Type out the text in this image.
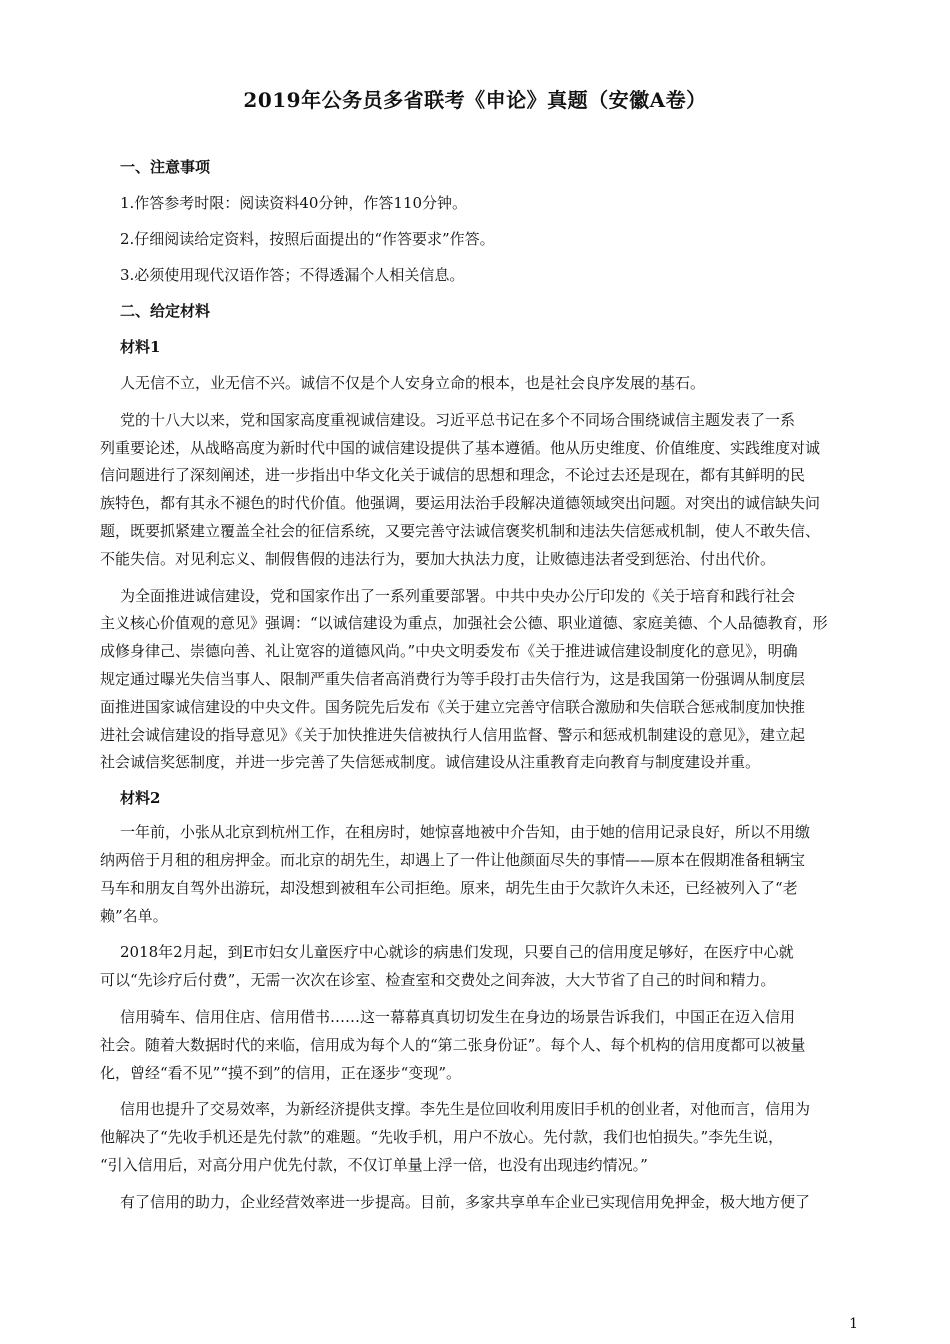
2019年公务员多省联考《申论》真题（安徽A卷）
一、注意事项
1.作答参考时限：阅读资料40分钟，作答110分钟。
2.仔细阅读给定资料，按照后面提出的“作答要求”作答。
3.必须使用现代汉语作答；不得透漏个人相关信息。
二、给定材料
材料1
人无信不立，业无信不兴。诚信不仅是个人安身立命的根本，也是社会良序发展的基石。
党的十八大以来，党和国家高度重视诚信建设。习近平总书记在多个不同场合围绕诚信主题发表了一系
列重要论述，从战略高度为新时代中国的诚信建设提供了基本遵循。他从历史维度、价值维度、实践维度对诚
信问题进行了深刻阐述，进一步指出中华文化关于诚信的思想和理念，不论过去还是现在，都有其鲜明的民
族特色，都有其永不褪色的时代价值。他强调，要运用法治手段解决道德领域突出问题。对突出的诚信缺失问
题，既要抓紧建立覆盖全社会的征信系统，又要完善守法诚信褒奖机制和违法失信惩戒机制，使人不敢失信、
不能失信。对见利忘义、制假售假的违法行为，要加大执法力度，让败德违法者受到惩治、付出代价。
为全面推进诚信建设，党和国家作出了一系列重要部署。中共中央办公厅印发的《关于培育和践行社会
主义核心价值观的意见》强调：“以诚信建设为重点，加强社会公德、职业道德、家庭美德、个人品德教育，形
成修身律己、崇德向善、礼让宽容的道德风尚。”中央文明委发布《关于推进诚信建设制度化的意见》，明确
规定通过曝光失信当事人、限制严重失信者高消费行为等手段打击失信行为，这是我国第一份强调从制度层
面推进国家诚信建设的中央文件。国务院先后发布《关于建立完善守信联合激励和失信联合惩戒制度加快推
进社会诚信建设的指导意见》《关于加快推进失信被执行人信用监督、警示和惩戒机制建设的意见》，建立起
社会诚信奖惩制度，并进一步完善了失信惩戒制度。诚信建设从注重教育走向教育与制度建设并重。
材料2
一年前，小张从北京到杭州工作，在租房时，她惊喜地被中介告知，由于她的信用记录良好，所以不用缴
纳两倍于月租的租房押金。而北京的胡先生，却遇上了一件让他颜面尽失的事情——原本在假期准备租辆宝
马车和朋友自驾外出游玩，却没想到被租车公司拒绝。原来，胡先生由于欠款许久未还，已经被列入了“老
赖”名单。
2018年2月起，到E市妇女儿童医疗中心就诊的病患们发现，只要自己的信用度足够好，在医疗中心就
可以“先诊疗后付费”，无需一次次在诊室、检查室和交费处之间奔波，大大节省了自己的时间和精力。
信用骑车、信用住店、信用借书……这一幕幕真真切切发生在身边的场景告诉我们，中国正在迈入信用
社会。随着大数据时代的来临，信用成为每个人的“第二张身份证”。每个人、每个机构的信用度都可以被量
化，曾经“看不见”“摸不到”的信用，正在逐步“变现”。
信用也提升了交易效率，为新经济提供支撑。李先生是位回收利用废旧手机的创业者，对他而言，信用为
他解决了“先收手机还是先付款”的难题。“先收手机，用户不放心。先付款，我们也怕损失。”李先生说，
“引入信用后，对高分用户优先付款，不仅订单量上浮一倍，也没有出现违约情况。”
有了信用的助力，企业经营效率进一步提高。目前，多家共享单车企业已实现信用免押金，极大地方便了
1
